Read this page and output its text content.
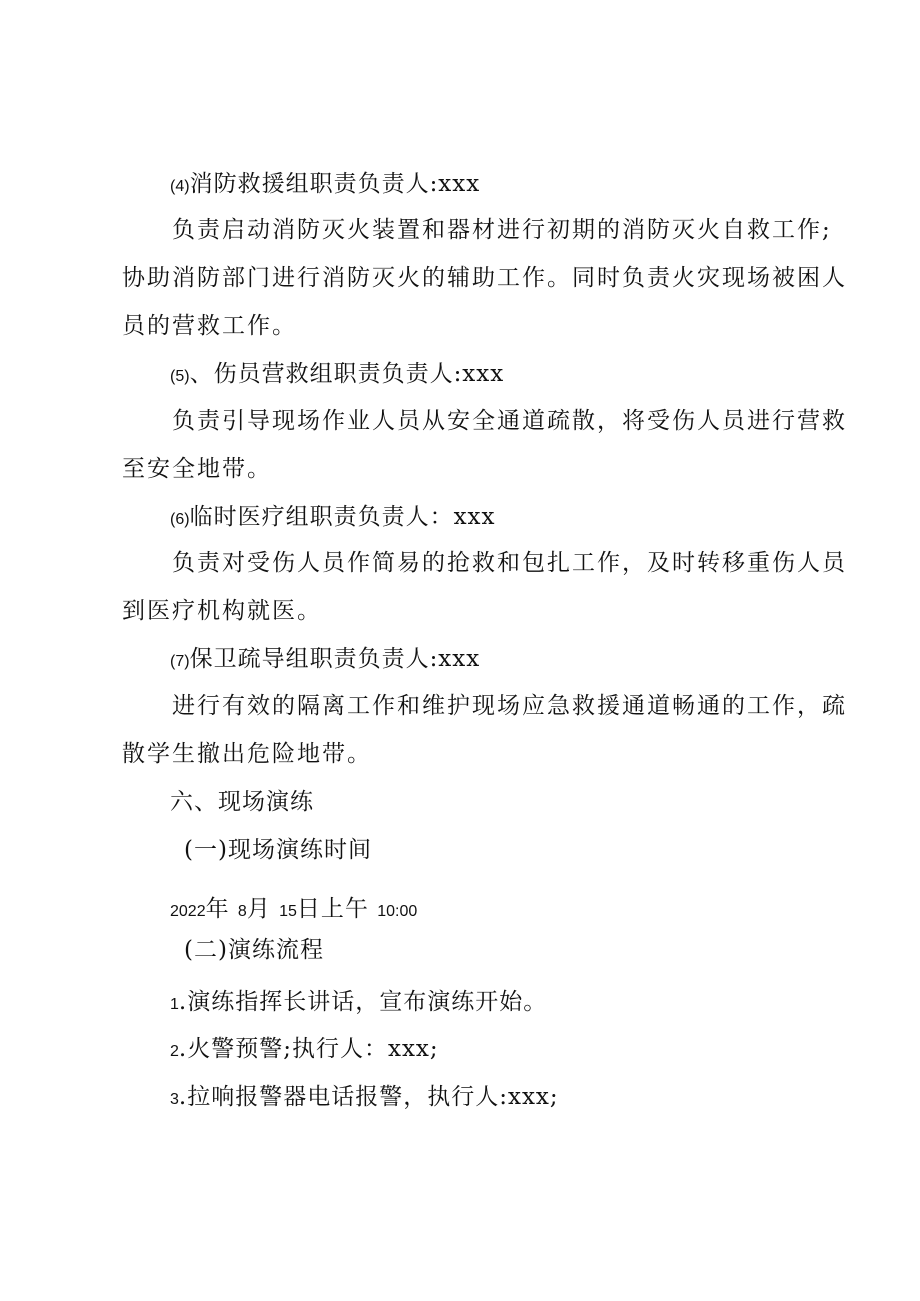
(4)消防救援组职责负责人:xxx
负责启动消防灭火装置和器材进行初期的消防灭火自救工作;
协助消防部门进行消防灭火的辅助工作。同时负责火灾现场被困人
员的营救工作。
(5)、伤员营救组职责负责人:xxx
负责引导现场作业人员从安全通道疏散，将受伤人员进行营救
至安全地带。
(6)临时医疗组职责负责人：xxx
负责对受伤人员作简易的抢救和包扎工作，及时转移重伤人员
到医疗机构就医。
(7)保卫疏导组职责负责人:xxx
进行有效的隔离工作和维护现场应急救援通道畅通的工作，疏
散学生撤出危险地带。
六、现场演练
(一)现场演练时间
2022年 8月 15日上午 10:00
(二)演练流程
1.演练指挥长讲话，宣布演练开始。
2.火警预警;执行人：xxx;
3.拉响报警器电话报警，执行人:xxx;
